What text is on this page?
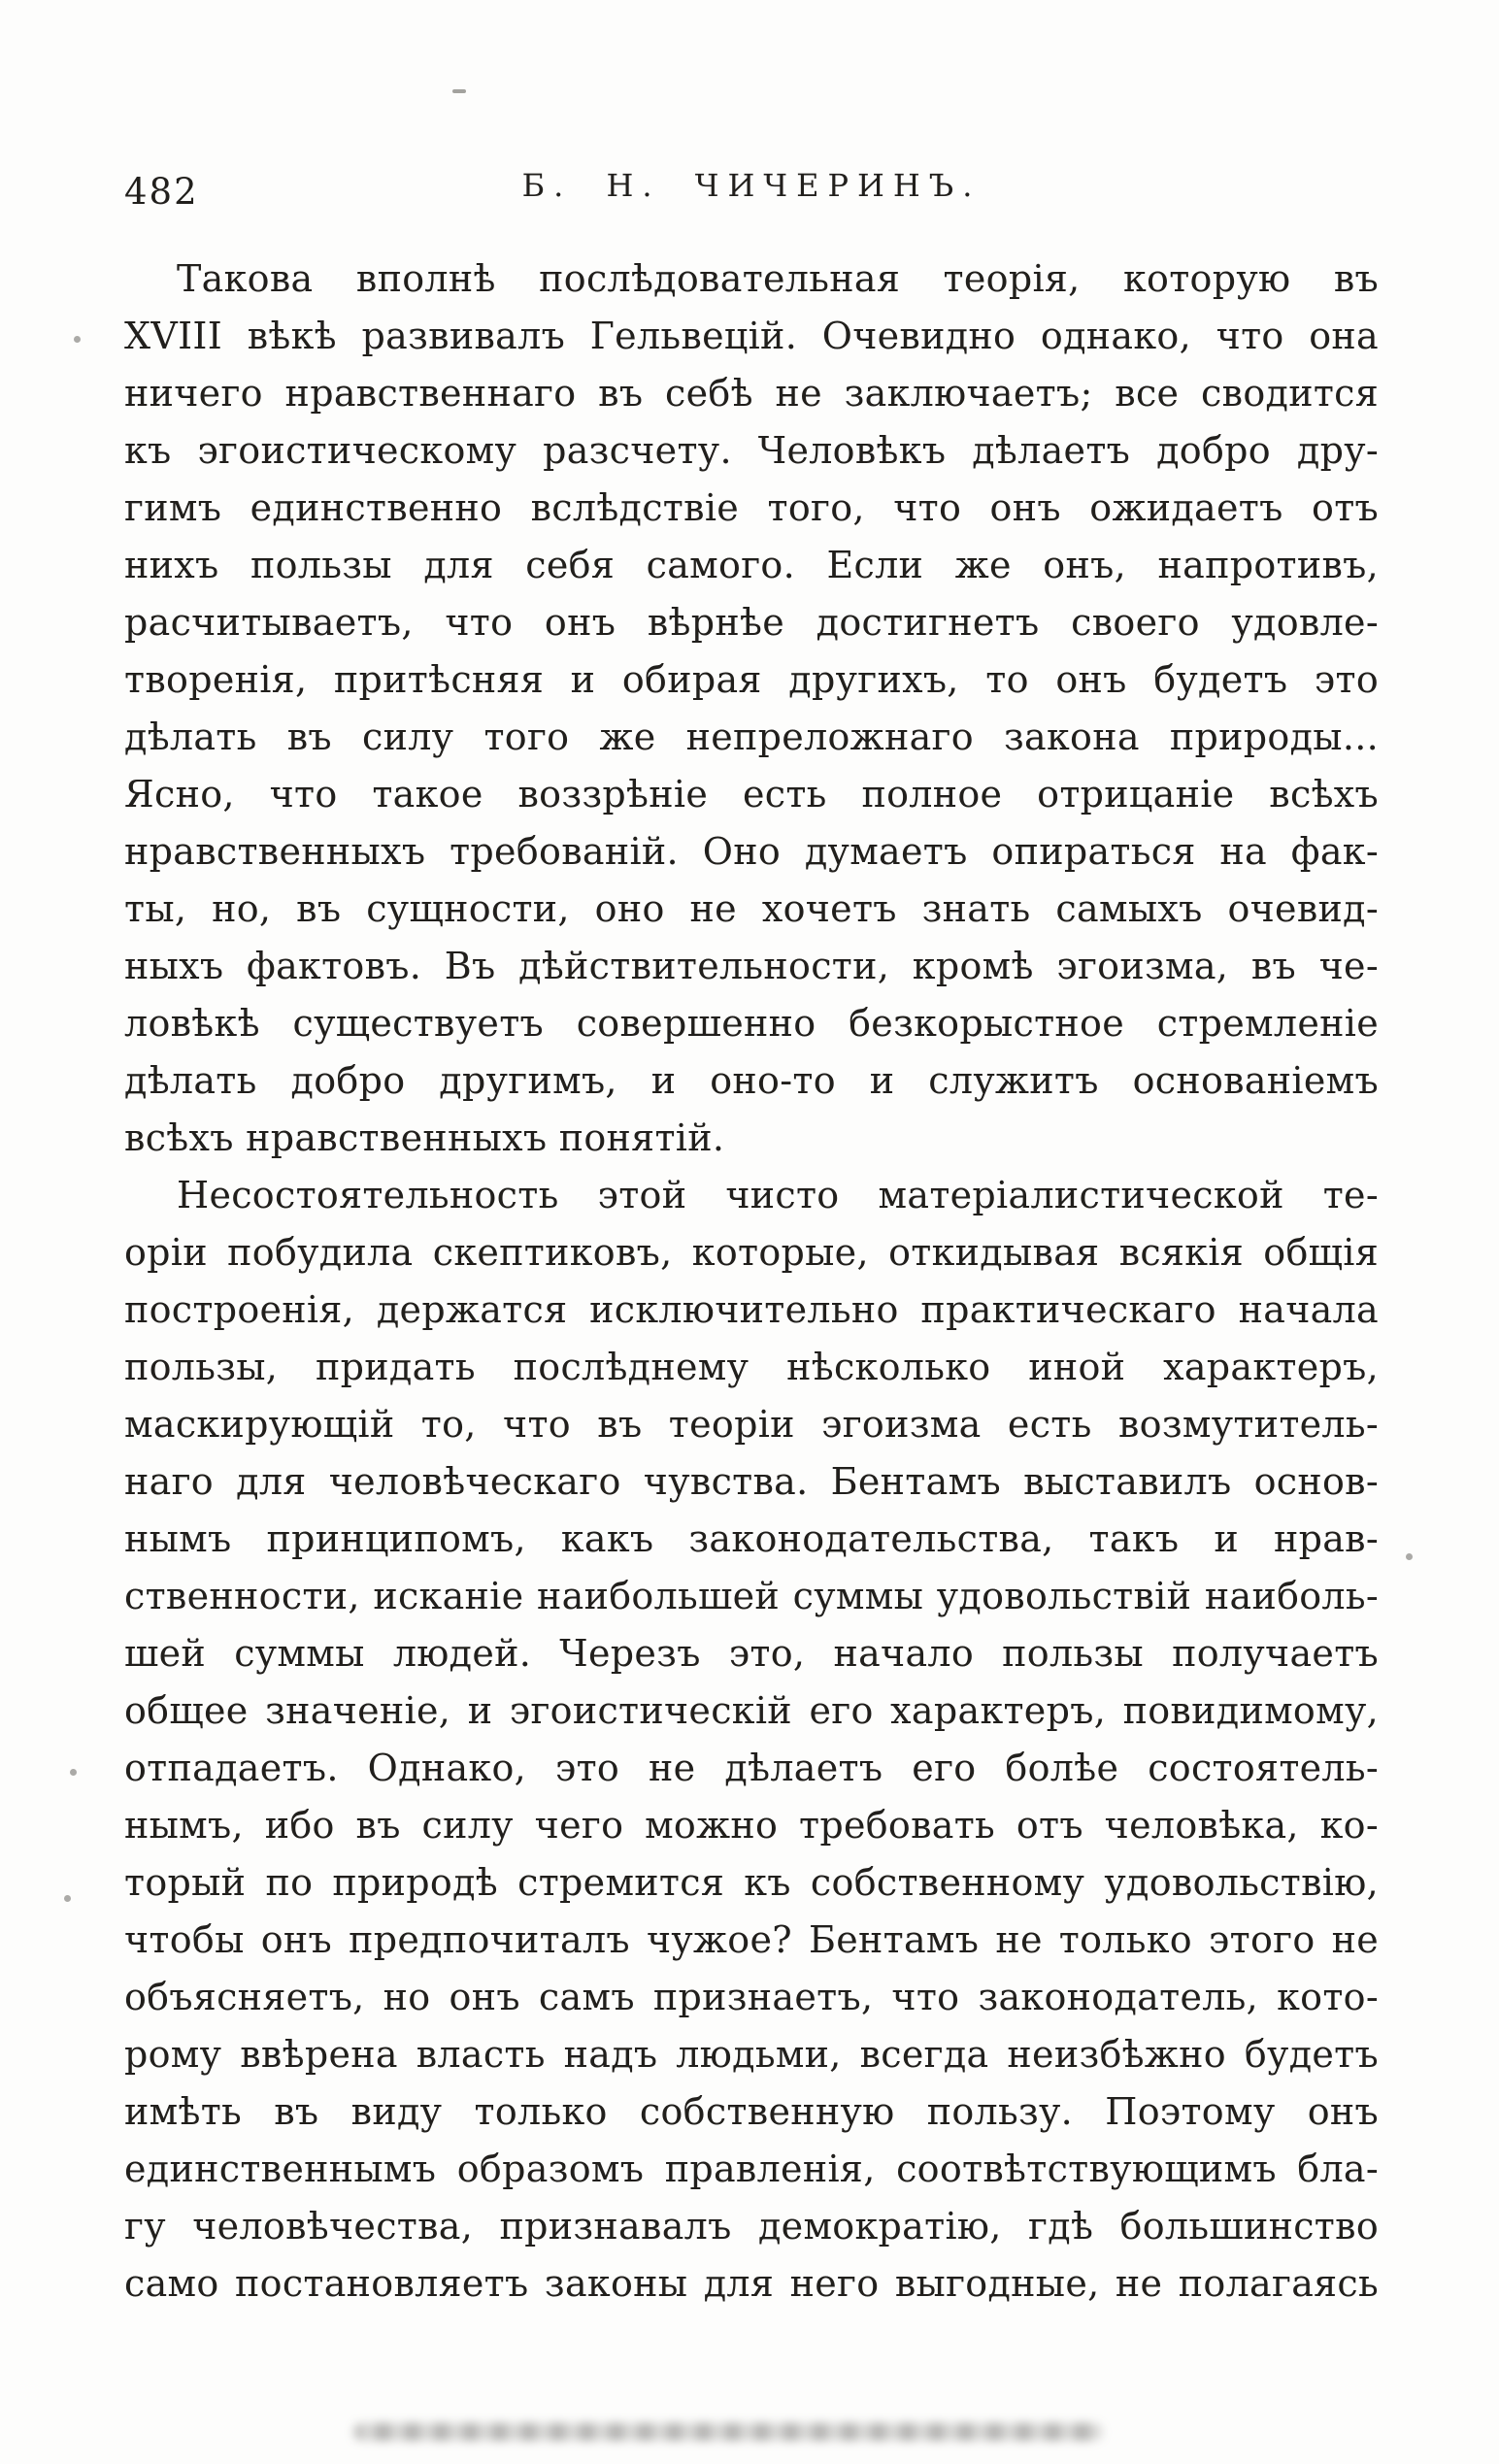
482	Б. Н. ЧИЧЕРИНЪ.
Такова вполнѣ послѣдовательная теорія, которую въ
XVIII вѣкѣ развивалъ Гельвецій. Очевидно однако, что она
ничего нравственнаго въ себѣ не заключаетъ; все сводится
къ эгоистическому разсчету. Человѣкъ дѣлаетъ добро дру-
гимъ единственно вслѣдствіе того, что онъ ожидаетъ отъ
нихъ пользы для себя самого. Если же онъ, напротивъ,
расчитываетъ, что онъ вѣрнѣе достигнетъ своего удовле-
творенія, притѣсняя и обирая другихъ, то онъ будетъ это
дѣлать въ силу того же непреложнаго закона природы...
Ясно, что такое воззрѣніе есть полное отрицаніе всѣхъ
нравственныхъ требованій. Оно думаетъ опираться на фак-
ты, но, въ сущности, оно не хочетъ знать самыхъ очевид-
ныхъ фактовъ. Въ дѣйствительности, кромѣ эгоизма, въ че-
ловѣкѣ существуетъ совершенно безкорыстное стремленіе
дѣлать добро другимъ, и оно-то и служитъ основаніемъ
всѣхъ нравственныхъ понятій.
Несостоятельность этой чисто матеріалистической те-
оріи побудила скептиковъ, которые, откидывая всякія общія
построенія, держатся исключительно практическаго начала
пользы, придать послѣднему нѣсколько иной характеръ,
маскирующій то, что въ теоріи эгоизма есть возмутитель-
наго для человѣческаго чувства. Бентамъ выставилъ основ-
нымъ принципомъ, какъ законодательства, такъ и нрав-
ственности, исканіе наибольшей суммы удовольствій наиболь-
шей суммы людей. Черезъ это, начало пользы получаетъ
общее значеніе, и эгоистическій его характеръ, повидимому,
отпадаетъ. Однако, это не дѣлаетъ его болѣе состоятель-
нымъ, ибо въ силу чего можно требовать отъ человѣка, ко-
торый по природѣ стремится къ собственному удовольствію,
чтобы онъ предпочиталъ чужое? Бентамъ не только этого не
объясняетъ, но онъ самъ признаетъ, что законодатель, кото-
рому ввѣрена власть надъ людьми, всегда неизбѣжно будетъ
имѣть въ виду только собственную пользу. Поэтому онъ
единственнымъ образомъ правленія, соотвѣтствующимъ бла-
гу человѣчества, признавалъ демократію, гдѣ большинство
само постановляетъ законы для него выгодные, не полагаясь
